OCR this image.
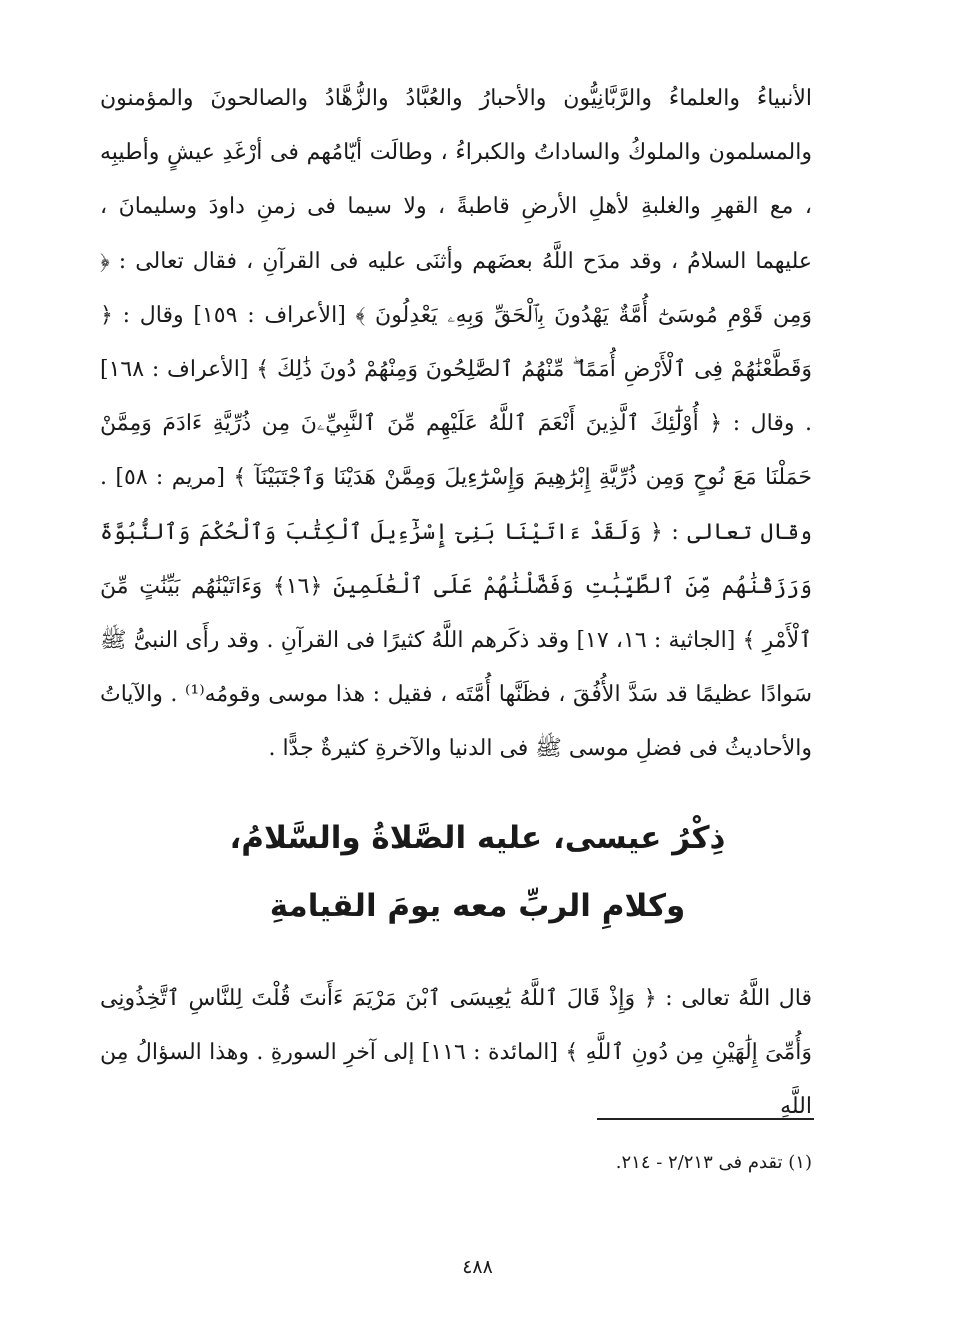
الأنبياءُ والعلماءُ والرَّبَّانِيُّون والأحبارُ والعُبَّادُ والزُّهَّادُ والصالحونَ والمؤمنون والمسلمون والملوكُ والساداتُ والكبراءُ ، وطالَت أيّامُهم فى أرْغَدِ عيشٍ وأطيبِه ، مع القهرِ والغلبةِ لأهلِ الأرضِ قاطبةً ، ولا سيما فى زمنِ داودَ وسليمانَ ، عليهما السلامُ ، وقد مدَح اللَّهُ بعضَهم وأثنَى عليه فى القرآنِ ، فقال تعالى : ﴿ وَمِن قَوْمِ مُوسَىٰٓ أُمَّةٌ يَهْدُونَ بِٱلْحَقِّ وَبِهِۦ يَعْدِلُونَ ﴾ [الأعراف : ١٥٩] وقال : ﴿ وَقَطَّعْنَٰهُمْ فِى ٱلْأَرْضِ أُمَمًا ۖ مِّنْهُمُ ٱلصَّٰلِحُونَ وَمِنْهُمْ دُونَ ذَٰلِكَ ﴾ [الأعراف : ١٦٨] . وقال : ﴿ أُوْلَٰٓئِكَ ٱلَّذِينَ أَنْعَمَ ٱللَّهُ عَلَيْهِم مِّنَ ٱلنَّبِيِّۦنَ مِن ذُرِّيَّةِ ءَادَمَ وَمِمَّنْ حَمَلْنَا مَعَ نُوحٍ وَمِن ذُرِّيَّةِ إِبْرَٰهِيمَ وَإِسْرَٰٓءِيلَ وَمِمَّنْ هَدَيْنَا وَٱجْتَبَيْنَآ ﴾ [مريم : ٥٨] . وقال تعالى : ﴿ وَلَقَدْ ءَاتَيْنَا بَنِىٓ إِسْرَٰٓءِيلَ ٱلْكِتَٰبَ وَٱلْحُكْمَ وَٱلنُّبُوَّةَ وَرَزَقْنَٰهُم مِّنَ ٱلطَّيِّبَٰتِ وَفَضَّلْنَٰهُمْ عَلَى ٱلْعَٰلَمِينَ ﴿١٦﴾ وَءَاتَيْنَٰهُم بَيِّنَٰتٍ مِّنَ ٱلْأَمْرِ ﴾ [الجاثية : ١٦، ١٧] وقد ذكَرهم اللَّهُ كثيرًا فى القرآنِ . وقد رأَى النبىُّ ﷺ سَوادًا عظيمًا قد سَدَّ الأُفُقَ ، فظَنَّها أُمَّتَه ، فقيل : هذا موسى وقومُه⁽¹⁾ . والآياتُ والأحاديثُ فى فضلِ موسى ﷺ فى الدنيا والآخرةِ كثيرةٌ جدًّا .

ذِكْرُ عيسى، عليه الصَّلاةُ والسَّلامُ،
وكلامِ الربِّ معه يومَ القيامةِ

قال اللَّهُ تعالى : ﴿ وَإِذْ قَالَ ٱللَّهُ يَٰعِيسَى ٱبْنَ مَرْيَمَ ءَأَنتَ قُلْتَ لِلنَّاسِ ٱتَّخِذُونِى وَأُمِّىَ إِلَٰهَيْنِ مِن دُونِ ٱللَّهِ ﴾ [المائدة : ١١٦] إلى آخرِ السورةِ . وهذا السؤالُ مِن اللَّهِ

(١) تقدم فى ٢/٢١٣ - ٢١٤.
٤٨٨
